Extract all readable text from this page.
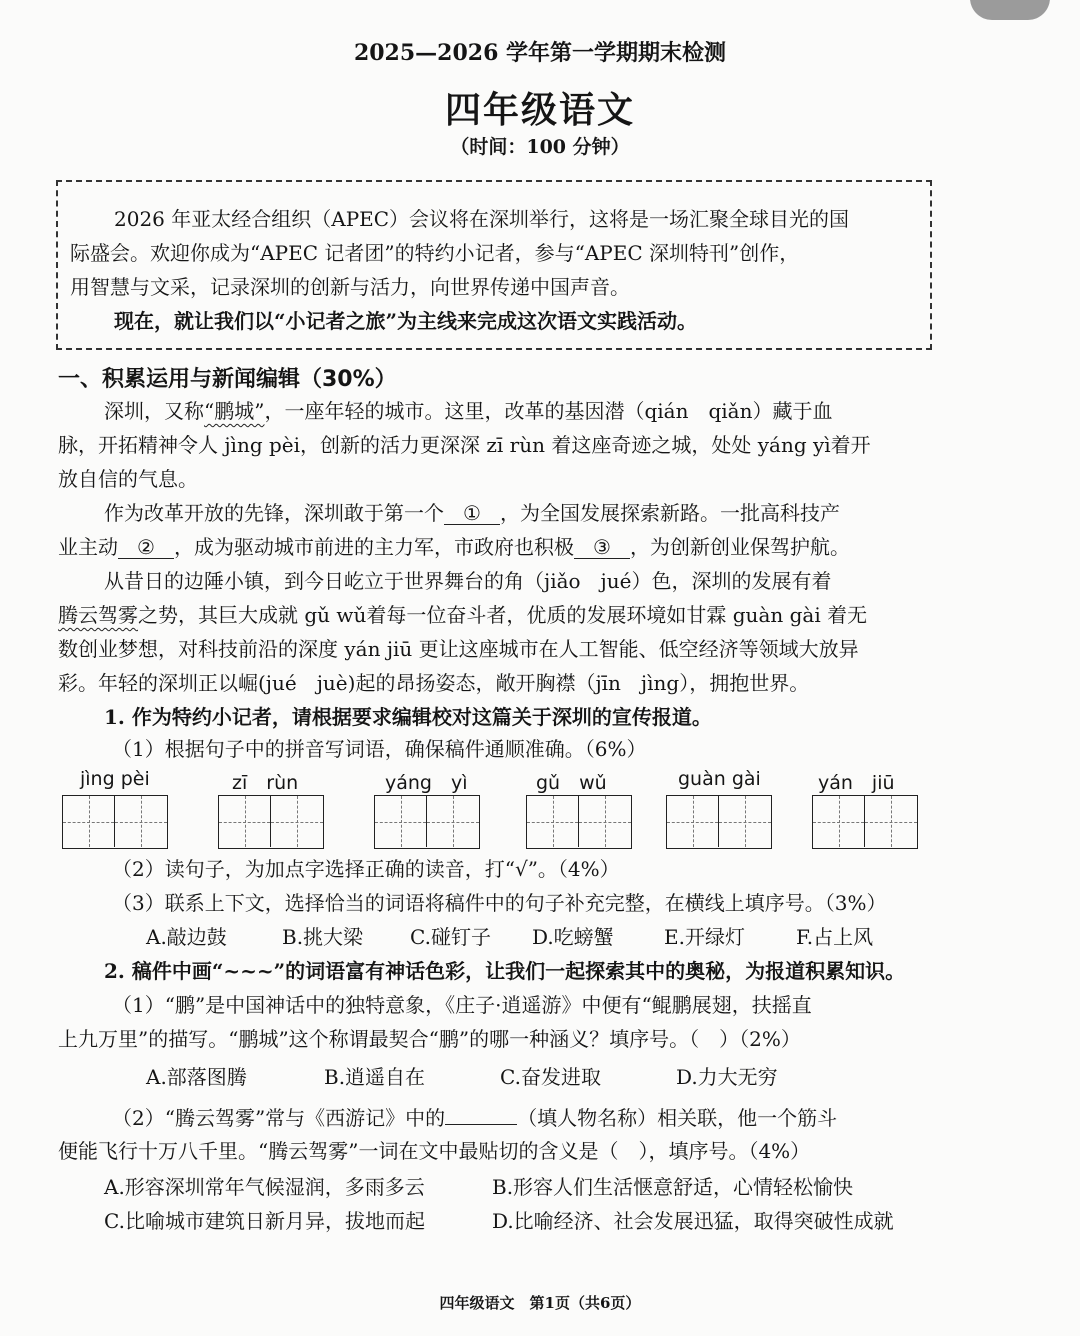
2025—2026 学年第一学期期末检测
四年级语文
（时间：100 分钟）
2026 年亚太经合组织（APEC）会议将在深圳举行，这将是一场汇聚全球目光的国
际盛会。欢迎你成为“APEC 记者团”的特约小记者，参与“APEC 深圳特刊”创作，
用智慧与文采，记录深圳的创新与活力，向世界传递中国声音。
现在，就让我们以“小记者之旅”为主线来完成这次语文实践活动。
一、积累运用与新闻编辑（30%）
深圳，又称“鹏城”，一座年轻的城市。这里，改革的基因潜（qián　qiǎn）藏于血
脉，开拓精神令人 jìng pèi，创新的活力更深深 zī rùn 着这座奇迹之城，处处 yáng yì着开
放自信的气息。
作为改革开放的先锋，深圳敢于第一个 ① ，为全国发展探索新路。一批高科技产
业主动 ② ，成为驱动城市前进的主力军，市政府也积极 ③ ，为创新创业保驾护航。
从昔日的边陲小镇，到今日屹立于世界舞台的角（jiǎo　jué）色，深圳的发展有着
腾云驾雾之势，其巨大成就 gǔ wǔ着每一位奋斗者，优质的发展环境如甘霖 guàn gài 着无
数创业梦想，对科技前沿的深度 yán jiū 更让这座城市在人工智能、低空经济等领域大放异
彩。年轻的深圳正以崛(jué　juè)起的昂扬姿态，敞开胸襟（jīn　jìng），拥抱世界。
1. 作为特约小记者，请根据要求编辑校对这篇关于深圳的宣传报道。
（1）根据句子中的拼音写词语，确保稿件通顺准确。（6%）
jìng pèi	zī　rùn	yáng　yì	gǔ　wǔ	guàn gài	yán　jiū
（2）读句子，为加点字选择正确的读音，打“√”。（4%）
（3）联系上下文，选择恰当的词语将稿件中的句子补充完整，在横线上填序号。（3%）
A.敲边鼓	B.挑大梁 C.碰钉子 D.吃螃蟹	E.开绿灯	F.占上风
2. 稿件中画“~~~”的词语富有神话色彩，让我们一起探索其中的奥秘，为报道积累知识。
（1）“鹏”是中国神话中的独特意象，《庄子·逍遥游》中便有“鲲鹏展翅，扶摇直
上九万里”的描写。“鹏城”这个称谓最契合“鹏”的哪一种涵义？填序号。（　）（2%）
A.部落图腾	B.逍遥自在	C.奋发进取	D.力大无穷
（2）“腾云驾雾”常与《西游记》中的	（填人物名称）相关联，他一个筋斗
便能飞行十万八千里。“腾云驾雾”一词在文中最贴切的含义是（　），填序号。（4%）
A.形容深圳常年气候湿润，多雨多云	B.形容人们生活惬意舒适，心情轻松愉快
C.比喻城市建筑日新月异，拔地而起	D.比喻经济、社会发展迅猛，取得突破性成就
四年级语文　第1页（共6页）
